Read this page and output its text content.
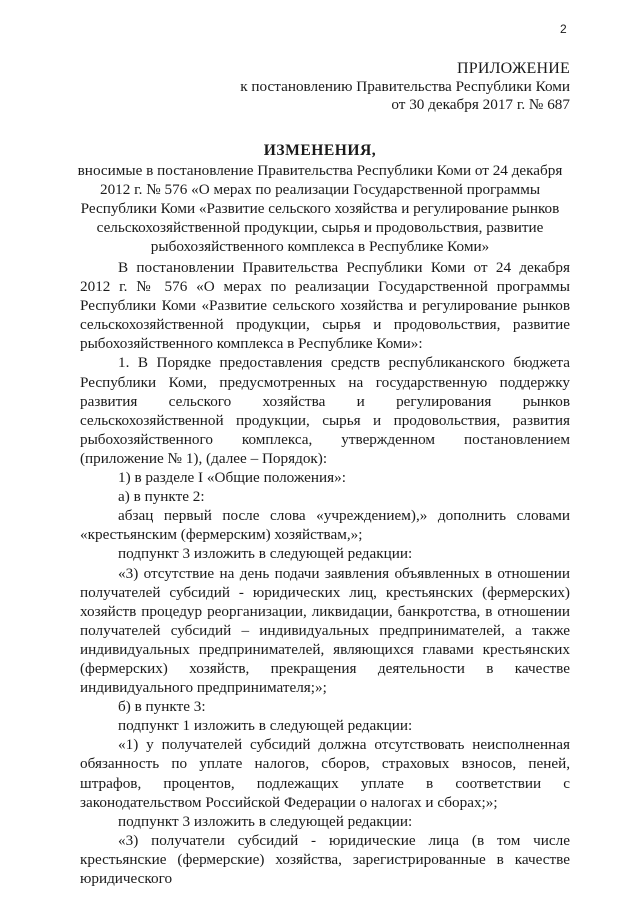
2
ПРИЛОЖЕНИЕ
к постановлению Правительства Республики Коми
от 30 декабря 2017 г. № 687
ИЗМЕНЕНИЯ,
вносимые в постановление Правительства Республики Коми от 24 декабря 2012 г. № 576 «О мерах по реализации Государственной программы Республики Коми «Развитие сельского хозяйства и регулирование рынков сельскохозяйственной продукции, сырья и продовольствия, развитие рыбохозяйственного комплекса в Республике Коми»

В постановлении Правительства Республики Коми от 24 декабря 2012 г. № 576 «О мерах по реализации Государственной программы Республики Коми «Развитие сельского хозяйства и регулирование рынков сельскохозяйственной продукции, сырья и продовольствия, развитие рыбохозяйственного комплекса в Республике Коми»:

1. В Порядке предоставления средств республиканского бюджета Республики Коми, предусмотренных на государственную поддержку развития сельского хозяйства и регулирования рынков сельскохозяйственной продукции, сырья и продовольствия, развития рыбохозяйственного комплекса, утвержденном постановлением (приложение № 1), (далее – Порядок):

1) в разделе I «Общие положения»:

а) в пункте 2:

абзац первый после слова «учреждением),» дополнить словами «крестьянским (фермерским) хозяйствам,»;

подпункт 3 изложить в следующей редакции:

«3) отсутствие на день подачи заявления объявленных в отношении получателей субсидий - юридических лиц, крестьянских (фермерских) хозяйств процедур реорганизации, ликвидации, банкротства, в отношении получателей субсидий – индивидуальных предпринимателей, а также индивидуальных предпринимателей, являющихся главами крестьянских (фермерских) хозяйств, прекращения деятельности в качестве индивидуального предпринимателя;»;

б) в пункте 3:

подпункт 1 изложить в следующей редакции:

«1) у получателей субсидий должна отсутствовать неисполненная обязанность по уплате налогов, сборов, страховых взносов, пеней, штрафов, процентов, подлежащих уплате в соответствии с законодательством Российской Федерации о налогах и сборах;»;

подпункт 3 изложить в следующей редакции:

«3) получатели субсидий - юридические лица (в том числе крестьянские (фермерские) хозяйства, зарегистрированные в качестве юридического
